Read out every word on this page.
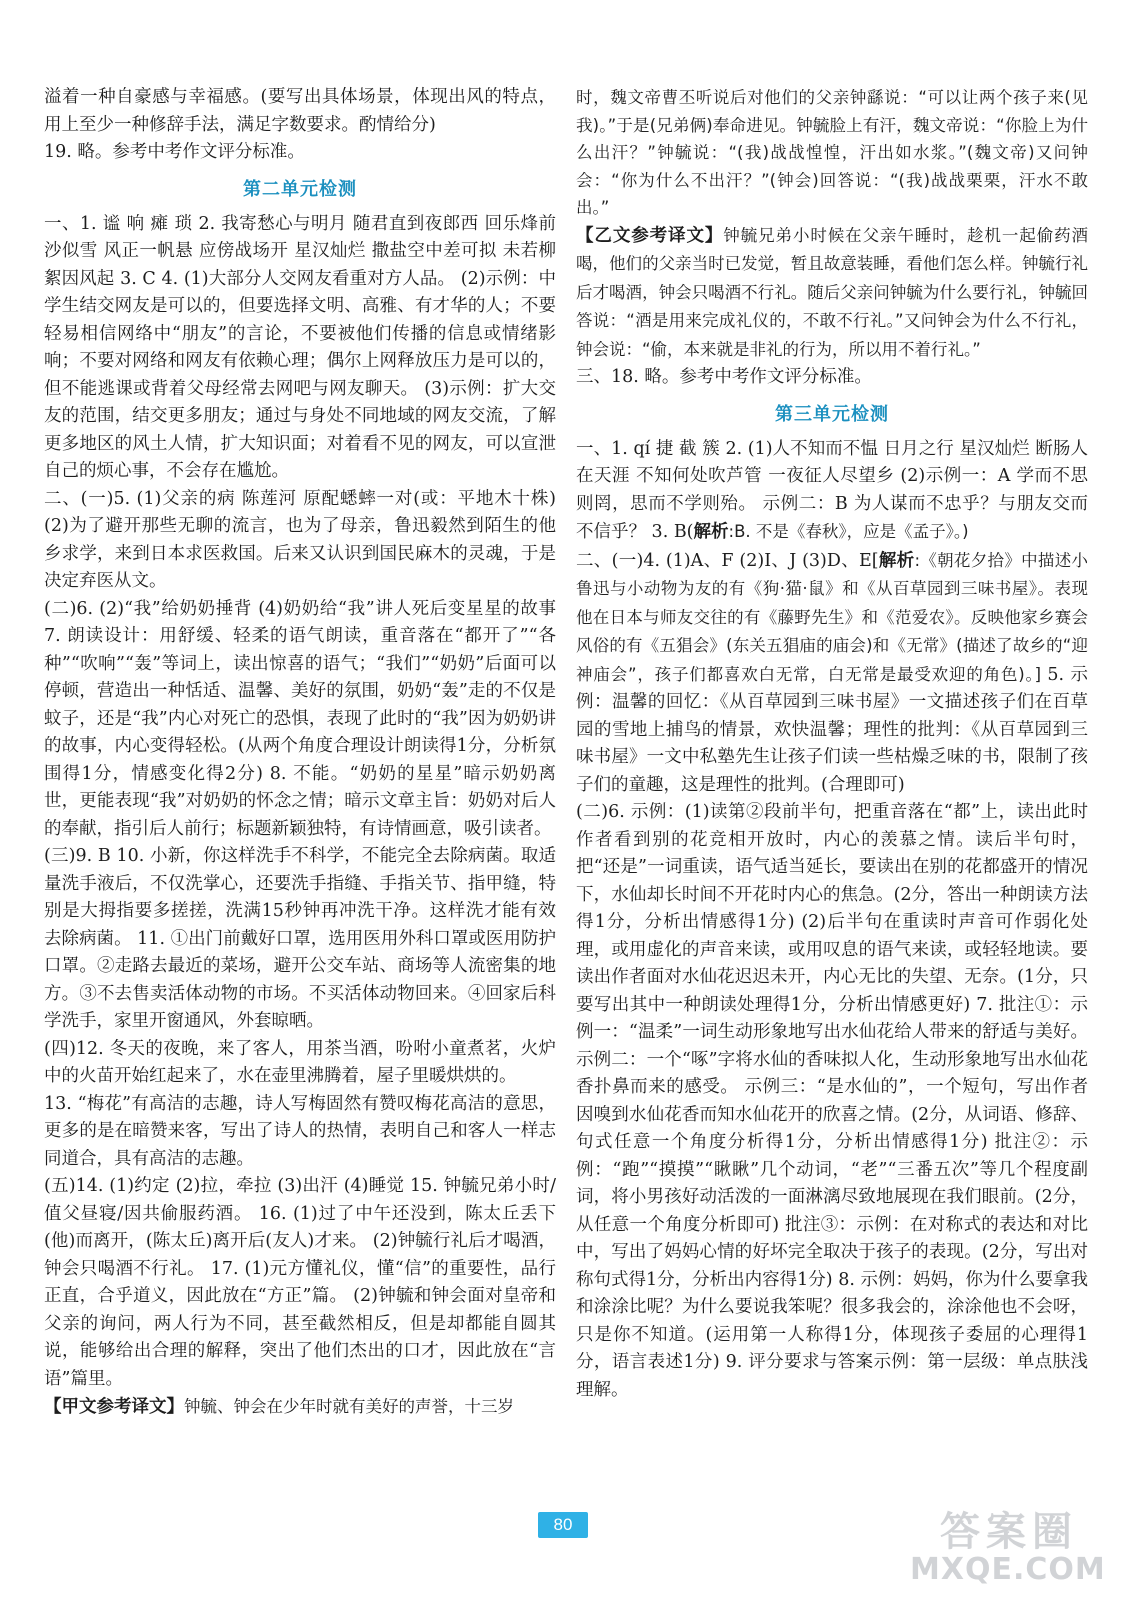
溢着一种自豪感与幸福感。(要写出具体场景，体现出风的特点，用上至少一种修辞手法，满足字数要求。酌情给分)

19. 略。参考中考作文评分标准。

第二单元检测

一、1. 谧 响 瘫 琐 2. 我寄愁心与明月 随君直到夜郎西 回乐烽前沙似雪 风正一帆悬 应傍战场开 星汉灿烂 撒盐空中差可拟 未若柳絮因风起 3. C 4. (1)大部分人交网友看重对方人品。 (2)示例：中学生结交网友是可以的，但要选择文明、高雅、有才华的人；不要轻易相信网络中“朋友”的言论，不要被他们传播的信息或情绪影响；不要对网络和网友有依赖心理；偶尔上网释放压力是可以的，但不能逃课或背着父母经常去网吧与网友聊天。 (3)示例：扩大交友的范围，结交更多朋友；通过与身处不同地域的网友交流，了解更多地区的风土人情，扩大知识面；对着看不见的网友，可以宣泄自己的烦心事，不会存在尴尬。

二、(一)5. (1)父亲的病 陈莲河 原配蟋蟀一对(或：平地木十株) (2)为了避开那些无聊的流言，也为了母亲，鲁迅毅然到陌生的他乡求学，来到日本求医救国。后来又认识到国民麻木的灵魂，于是决定弃医从文。

(二)6. (2)“我”给奶奶捶背 (4)奶奶给“我”讲人死后变星星的故事 7. 朗读设计：用舒缓、轻柔的语气朗读，重音落在“都开了”“各种”“吹响”“轰”等词上，读出惊喜的语气；“我们”“奶奶”后面可以停顿，营造出一种恬适、温馨、美好的氛围，奶奶“轰”走的不仅是蚊子，还是“我”内心对死亡的恐惧，表现了此时的“我”因为奶奶讲的故事，内心变得轻松。(从两个角度合理设计朗读得1分，分析氛围得1分，情感变化得2分) 8. 不能。“奶奶的星星”暗示奶奶离世，更能表现“我”对奶奶的怀念之情；暗示文章主旨：奶奶对后人的奉献，指引后人前行；标题新颖独特，有诗情画意，吸引读者。

(三)9. B 10. 小新，你这样洗手不科学，不能完全去除病菌。取适量洗手液后，不仅洗掌心，还要洗手指缝、手指关节、指甲缝，特别是大拇指要多搓搓，洗满15秒钟再冲洗干净。这样洗才能有效去除病菌。 11. ①出门前戴好口罩，选用医用外科口罩或医用防护口罩。②走路去最近的菜场，避开公交车站、商场等人流密集的地方。③不去售卖活体动物的市场。不买活体动物回来。④回家后科学洗手，家里开窗通风，外套晾晒。

(四)12. 冬天的夜晚，来了客人，用茶当酒，吩咐小童煮茗，火炉中的火苗开始红起来了，水在壶里沸腾着，屋子里暖烘烘的。

13. “梅花”有高洁的志趣，诗人写梅固然有赞叹梅花高洁的意思，更多的是在暗赞来客，写出了诗人的热情，表明自己和客人一样志同道合，具有高洁的志趣。

(五)14. (1)约定 (2)拉，牵拉 (3)出汗 (4)睡觉 15. 钟毓兄弟小时/值父昼寝/因共偷服药酒。 16. (1)过了中午还没到，陈太丘丢下(他)而离开，(陈太丘)离开后(友人)才来。 (2)钟毓行礼后才喝酒，钟会只喝酒不行礼。 17. (1)元方懂礼仪，懂“信”的重要性，品行正直，合乎道义，因此放在“方正”篇。 (2)钟毓和钟会面对皇帝和父亲的询问，两人行为不同，甚至截然相反，但是却都能自圆其说，能够给出合理的解释，突出了他们杰出的口才，因此放在“言语”篇里。

【甲文参考译文】钟毓、钟会在少年时就有美好的声誉，十三岁

时，魏文帝曹丕听说后对他们的父亲钟繇说：“可以让两个孩子来(见我)。”于是(兄弟俩)奉命进见。钟毓脸上有汗，魏文帝说：“你脸上为什么出汗？”钟毓说：“(我)战战惶惶，汗出如水浆。”(魏文帝)又问钟会：“你为什么不出汗？”(钟会)回答说：“(我)战战栗栗，汗水不敢出。”

【乙文参考译文】钟毓兄弟小时候在父亲午睡时，趁机一起偷药酒喝，他们的父亲当时已发觉，暂且故意装睡，看他们怎么样。钟毓行礼后才喝酒，钟会只喝酒不行礼。随后父亲问钟毓为什么要行礼，钟毓回答说：“酒是用来完成礼仪的，不敢不行礼。”又问钟会为什么不行礼，钟会说：“偷，本来就是非礼的行为，所以用不着行礼。”

三、18. 略。参考中考作文评分标准。

第三单元检测

一、1. qí 捷 截 簇 2. (1)人不知而不愠 日月之行 星汉灿烂 断肠人在天涯 不知何处吹芦管 一夜征人尽望乡 (2)示例一：A 学而不思则罔，思而不学则殆。 示例二：B 为人谋而不忠乎？与朋友交而不信乎？ 3. B(解析:B. 不是《春秋》，应是《孟子》。)

二、(一)4. (1)A、F (2)I、J (3)D、E[解析:《朝花夕拾》中描述小鲁迅与小动物为友的有《狗·猫·鼠》和《从百草园到三味书屋》。表现他在日本与师友交往的有《藤野先生》和《范爱农》。反映他家乡赛会风俗的有《五猖会》(东关五猖庙的庙会)和《无常》(描述了故乡的“迎神庙会”，孩子们都喜欢白无常，白无常是最受欢迎的角色)。] 5. 示例：温馨的回忆：《从百草园到三味书屋》一文描述孩子们在百草园的雪地上捕鸟的情景，欢快温馨；理性的批判：《从百草园到三味书屋》一文中私塾先生让孩子们读一些枯燥乏味的书，限制了孩子们的童趣，这是理性的批判。(合理即可)

(二)6. 示例：(1)读第②段前半句，把重音落在“都”上，读出此时作者看到别的花竞相开放时，内心的羡慕之情。读后半句时，把“还是”一词重读，语气适当延长，要读出在别的花都盛开的情况下，水仙却长时间不开花时内心的焦急。(2分，答出一种朗读方法得1分，分析出情感得1分) (2)后半句在重读时声音可作弱化处理，或用虚化的声音来读，或用叹息的语气来读，或轻轻地读。要读出作者面对水仙花迟迟未开，内心无比的失望、无奈。(1分，只要写出其中一种朗读处理得1分，分析出情感更好) 7. 批注①：示例一：“温柔”一词生动形象地写出水仙花给人带来的舒适与美好。 示例二：一个“啄”字将水仙的香味拟人化，生动形象地写出水仙花香扑鼻而来的感受。 示例三：“是水仙的”，一个短句，写出作者因嗅到水仙花香而知水仙花开的欣喜之情。(2分，从词语、修辞、句式任意一个角度分析得1分，分析出情感得1分) 批注②：示例：“跑”“摸摸”“瞅瞅”几个动词，“老”“三番五次”等几个程度副词，将小男孩好动活泼的一面淋漓尽致地展现在我们眼前。(2分，从任意一个角度分析即可) 批注③：示例：在对称式的表达和对比中，写出了妈妈心情的好坏完全取决于孩子的表现。(2分，写出对称句式得1分，分析出内容得1分) 8. 示例：妈妈，你为什么要拿我和涂涂比呢？为什么要说我笨呢？很多我会的，涂涂他也不会呀，只是你不知道。(运用第一人称得1分，体现孩子委屈的心理得1分，语言表述1分) 9. 评分要求与答案示例：第一层级：单点肤浅理解。

80	答案圈
MXQE.COM
